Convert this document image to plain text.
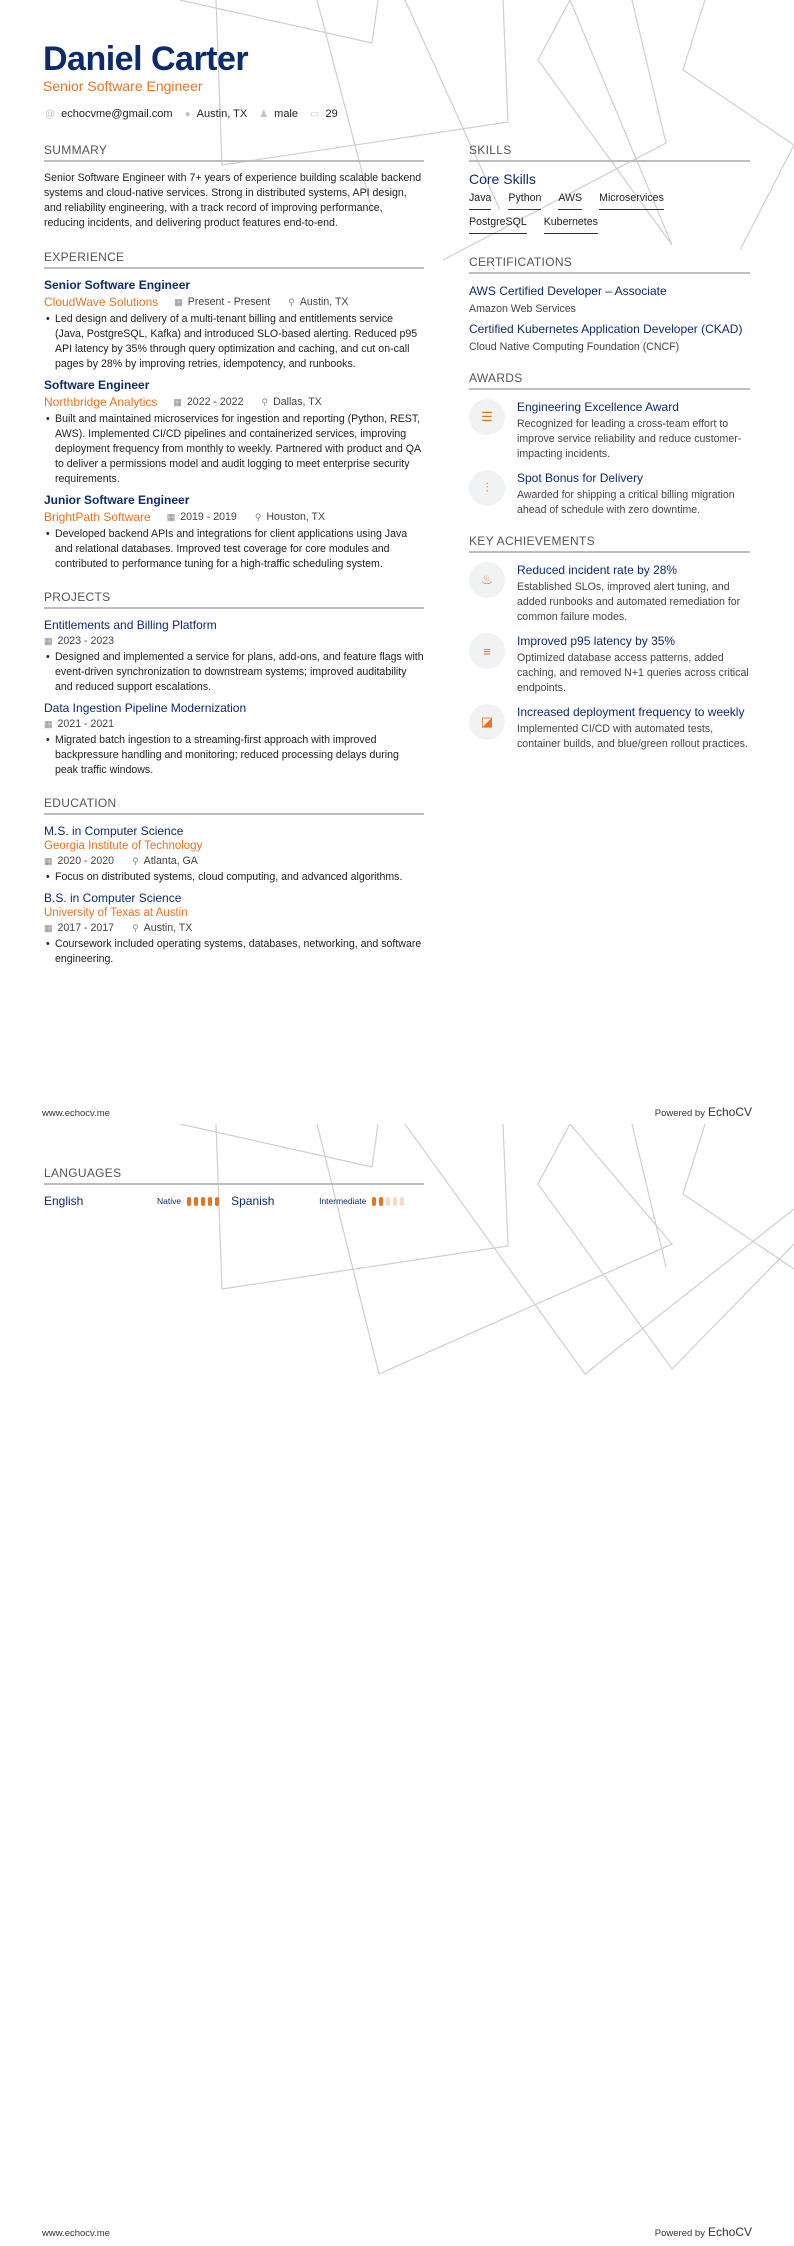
Daniel Carter
Senior Software Engineer
@ echocvme@gmail.com ● Austin, TX ♟ male ▭ 29
SUMMARY
Senior Software Engineer with 7+ years of experience building scalable backend systems and cloud-native services. Strong in distributed systems, API design, and reliability engineering, with a track record of improving performance, reducing incidents, and delivering product features end-to-end.
EXPERIENCE
Senior Software Engineer
CloudWave Solutions ▦ Present - Present ⚲ Austin, TX
• Led design and delivery of a multi-tenant billing and entitlements service (Java, PostgreSQL, Kafka) and introduced SLO-based alerting. Reduced p95 API latency by 35% through query optimization and caching, and cut on-call pages by 28% by improving retries, idempotency, and runbooks.
Software Engineer
Northbridge Analytics ▦ 2022 - 2022 ⚲ Dallas, TX
• Built and maintained microservices for ingestion and reporting (Python, REST, AWS). Implemented CI/CD pipelines and containerized services, improving deployment frequency from monthly to weekly. Partnered with product and QA to deliver a permissions model and audit logging to meet enterprise security requirements.
Junior Software Engineer
BrightPath Software ▦ 2019 - 2019 ⚲ Houston, TX
• Developed backend APIs and integrations for client applications using Java and relational databases. Improved test coverage for core modules and contributed to performance tuning for a high-traffic scheduling system.
PROJECTS
Entitlements and Billing Platform
▦ 2023 - 2023
• Designed and implemented a service for plans, add-ons, and feature flags with event-driven synchronization to downstream systems; improved auditability and reduced support escalations.
Data Ingestion Pipeline Modernization
▦ 2021 - 2021
• Migrated batch ingestion to a streaming-first approach with improved backpressure handling and monitoring; reduced processing delays during peak traffic windows.
EDUCATION
M.S. in Computer Science
Georgia Institute of Technology
▦ 2020 - 2020 ⚲ Atlanta, GA
• Focus on distributed systems, cloud computing, and advanced algorithms.
B.S. in Computer Science
University of Texas at Austin
▦ 2017 - 2017 ⚲ Austin, TX
• Coursework included operating systems, databases, networking, and software engineering.
SKILLS
Core Skills
Java Python AWS Microservices
PostgreSQL Kubernetes
CERTIFICATIONS
AWS Certified Developer – Associate
Amazon Web Services
Certified Kubernetes Application Developer (CKAD)
Cloud Native Computing Foundation (CNCF)
AWARDS
☰
Engineering Excellence Award
Recognized for leading a cross-team effort to improve service reliability and reduce customer-impacting incidents.
⫶
Spot Bonus for Delivery
Awarded for shipping a critical billing migration ahead of schedule with zero downtime.
KEY ACHIEVEMENTS
♨
Reduced incident rate by 28%
Established SLOs, improved alert tuning, and added runbooks and automated remediation for common failure modes.
≡
Improved p95 latency by 35%
Optimized database access patterns, added caching, and removed N+1 queries across critical endpoints.
◪
Increased deployment frequency to weekly
Implemented CI/CD with automated tests, container builds, and blue/green rollout practices.
www.echocv.me	Powered by EchoCV
LANGUAGES
English	Native	Spanish	Intermediate
www.echocv.me	Powered by EchoCV
